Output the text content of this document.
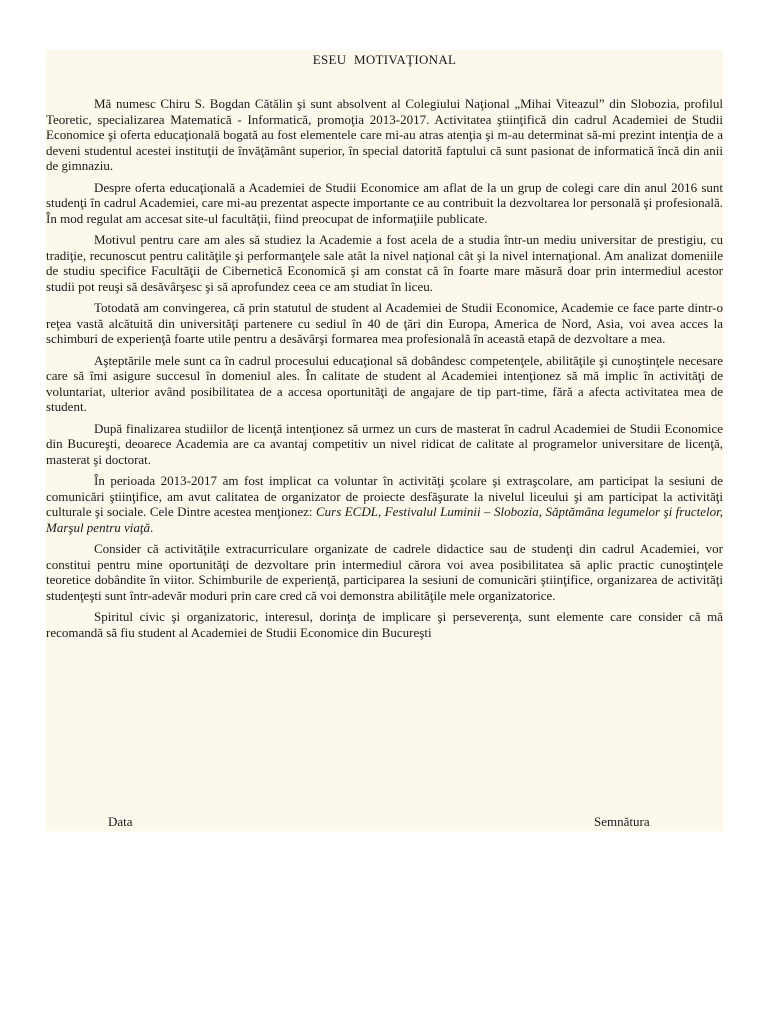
ESEU MOTIVAŢIONAL

Mă numesc Chiru S. Bogdan Cătălin şi sunt absolvent al Colegiului Naţional „Mihai Viteazul” din Slobozia, profilul Teoretic, specializarea Matematică - Informatică, promoţia 2013-2017. Activitatea ştiinţifică din cadrul Academiei de Studii Economice şi oferta educaţională bogată au fost elementele care mi-au atras atenţia şi m-au determinat să-mi prezint intenţia de a deveni studentul acestei instituţii de învăţământ superior, în special datorită faptului că sunt pasionat de informatică încă din anii de gimnaziu.

Despre oferta educaţională a Academiei de Studii Economice am aflat de la un grup de colegi care din anul 2016 sunt studenţi în cadrul Academiei, care mi-au prezentat aspecte importante ce au contribuit la dezvoltarea lor personală şi profesională. În mod regulat am accesat site-ul facultăţii, fiind preocupat de informaţiile publicate.

Motivul pentru care am ales să studiez la Academie a fost acela de a studia într-un mediu universitar de prestigiu, cu tradiţie, recunoscut pentru calităţile şi performanţele sale atât la nivel naţional cât şi la nivel internaţional. Am analizat domeniile de studiu specifice Facultăţii de Cibernetică Economică şi am constat că în foarte mare măsură doar prin intermediul acestor studii pot reuşi să desăvârşesc şi să aprofundez ceea ce am studiat în liceu.

Totodată am convingerea, că prin statutul de student al Academiei de Studii Economice, Academie ce face parte dintr-o reţea vastă alcătuită din universităţi partenere cu sediul în 40 de ţări din Europa, America de Nord, Asia, voi avea acces la schimburi de experienţă foarte utile pentru a desăvârşi formarea mea profesională în această etapă de dezvoltare a mea.

Aşteptările mele sunt ca în cadrul procesului educaţional să dobândesc competenţele, abilităţile şi cunoştinţele necesare care să îmi asigure succesul în domeniul ales. În calitate de student al Academiei intenţionez să mă implic în activităţi de voluntariat, ulterior având posibilitatea de a accesa oportunităţi de angajare de tip part-time, fără a afecta activitatea mea de student.

După finalizarea studiilor de licenţă intenţionez să urmez un curs de masterat în cadrul Academiei de Studii Economice din Bucureşti, deoarece Academia are ca avantaj competitiv un nivel ridicat de calitate al programelor universitare de licenţă, masterat şi doctorat.

În perioada 2013-2017 am fost implicat ca voluntar în activităţi şcolare şi extraşcolare, am participat la sesiuni de comunicări ştiinţifice, am avut calitatea de organizator de proiecte desfăşurate la nivelul liceului şi am participat la activităţi culturale şi sociale. Cele Dintre acestea menţionez: Curs ECDL, Festivalul Luminii – Slobozia, Săptămâna legumelor şi fructelor, Marşul pentru viaţă.

Consider că activităţile extracurriculare organizate de cadrele didactice sau de studenţi din cadrul Academiei, vor constitui pentru mine oportunităţi de dezvoltare prin intermediul cărora voi avea posibilitatea să aplic practic cunoştinţele teoretice dobândite în viitor. Schimburile de experienţă, participarea la sesiuni de comunicări ştiinţifice, organizarea de activităţi studenţeşti sunt într-adevăr moduri prin care cred că voi demonstra abilităţile mele organizatorice.

Spiritul civic şi organizatoric, interesul, dorinţa de implicare şi perseverenţa, sunt elemente care consider că mă recomandă să fiu student al Academiei de Studii Economice din Bucureşti

Data	Semnătura
